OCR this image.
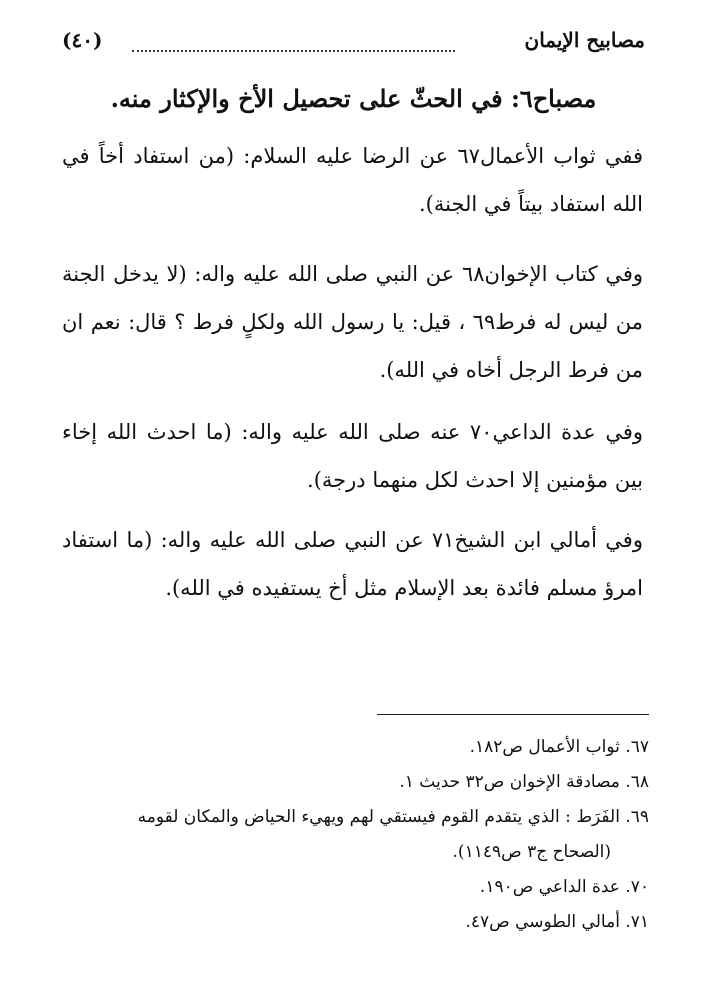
مصابيح الإيمان
(٤٠)
مصباح٦: في الحثّ على تحصيل الأخ والإكثار منه.

ففي ثواب الأعمال٦٧ عن الرضا عليه السلام: (من استفاد أخاً في الله استفاد بيتاً في الجنة).

وفي كتاب الإخوان٦٨ عن النبي صلى الله عليه واله: (لا يدخل الجنة من ليس له فرط٦٩ ، قيل: يا رسول الله ولكلٍ فرط ؟ قال: نعم ان من فرط الرجل أخاه في الله).

وفي عدة الداعي٧٠ عنه صلى الله عليه واله: (ما احدث الله إخاء بين مؤمنين إلا احدث لكل منهما درجة).

وفي أمالي ابن الشيخ٧١ عن النبي صلى الله عليه واله: (ما استفاد امرؤ مسلم فائدة بعد الإسلام مثل أخ يستفيده في الله).

٦٧. ثواب الأعمال ص١٨٢.
٦٨. مصادقة الإخوان ص٣٢ حديث ١.
٦٩. الفَرَط : الذي يتقدم القوم فيستقي لهم ويهيء الحياض والمكان لقومه
(الصحاح ج٣ ص١١٤٩).
٧٠. عدة الداعي ص١٩٠.
٧١. أمالي الطوسي ص٤٧.
